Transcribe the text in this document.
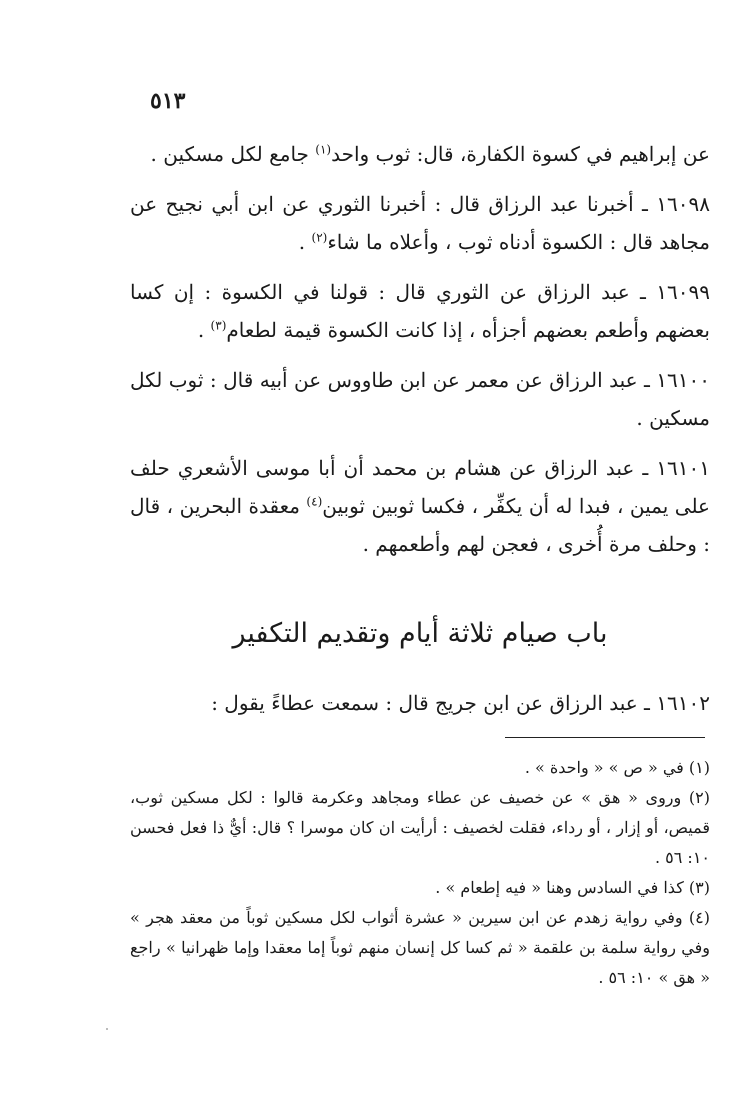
٥١٣

عن إبراهيم في كسوة الكفارة، قال: ثوب واحد$^{(١)}$ جامع لكل مسكين .

١٦٠٩٨ ـ أخبرنا عبد الرزاق قال : أخبرنا الثوري عن ابن أبي نجيح عن مجاهد قال : الكسوة أدناه ثوب ، وأعلاه ما شاء$^{(٢)}$ .

١٦٠٩٩ ـ عبد الرزاق عن الثوري قال : قولنا في الكسوة : إن كسا بعضهم وأطعم بعضهم أجزأه ، إذا كانت الكسوة قيمة لطعام$^{(٣)}$ .

١٦١٠٠ ـ عبد الرزاق عن معمر عن ابن طاووس عن أبيه قال : ثوب لكل مسكين .

١٦١٠١ ـ عبد الرزاق عن هشام بن محمد أن أبا موسى الأشعري حلف على يمين ، فبدا له أن يكفِّر ، فكسا ثوبين ثوبين$^{(٤)}$ معقدة البحرين ، قال : وحلف مرة أُخرى ، فعجن لهم وأطعمهم .

باب صيام ثلاثة أيام وتقديم التكفير

١٦١٠٢ ـ عبد الرزاق عن ابن جريج قال : سمعت عطاءً يقول :

(١) في « ص » « واحدة » .

(٢) وروى « هق » عن خصيف عن عطاء ومجاهد وعكرمة قالوا : لكل مسكين ثوب، قميص، أو إزار ، أو رداء، فقلت لخصيف : أرأيت ان كان موسرا ؟ قال: أيٌّ ذا فعل فحسن ١٠: ٥٦ .

(٣) كذا في السادس وهنا « فيه إطعام » .

(٤) وفي رواية زهدم عن ابن سيرين « عشرة أثواب لكل مسكين ثوباً من معقد هجر » وفي رواية سلمة بن علقمة « ثم كسا كل إنسان منهم ثوباً إما معقدا وإما ظهرانيا » راجع « هق » ١٠: ٥٦ .
